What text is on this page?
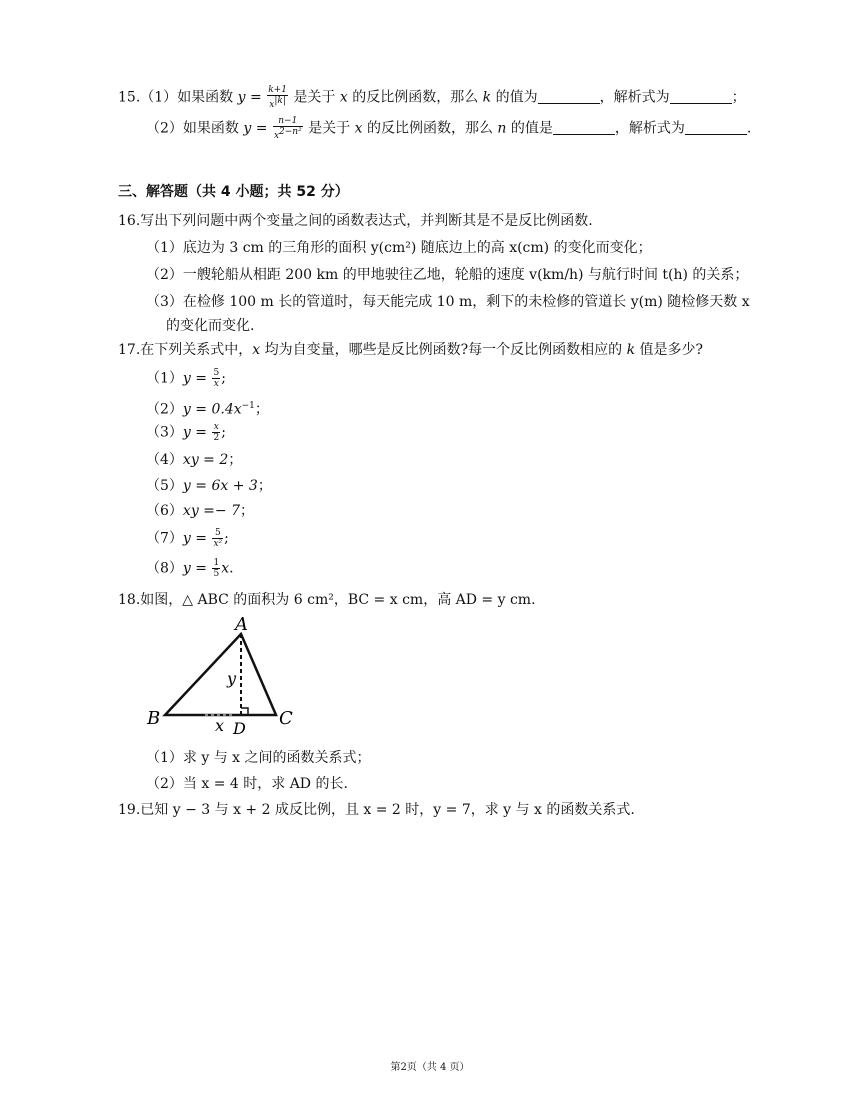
15.（1）如果函数 $y = \frac{k+1}{x^{|k|}}$ 是关于 x 的反比例函数，那么 k 的值为	，解析式为	；
（2）如果函数 $y = \frac{n-1}{x^{2-n^2}}$ 是关于 x 的反比例函数，那么 n 的值是	，解析式为	.
三、解答题（共 4 小题；共 52 分）
16.写出下列问题中两个变量之间的函数表达式，并判断其是不是反比例函数.
（1）底边为 3 cm 的三角形的面积 y(cm²) 随底边上的高 x(cm) 的变化而变化；
（2）一艘轮船从相距 200 km 的甲地驶往乙地，轮船的速度 v(km/h) 与航行时间 t(h) 的关系；
（3）在检修 100 m 长的管道时，每天能完成 10 m，剩下的未检修的管道长 y(m) 随检修天数 x
的变化而变化.
17.在下列关系式中，x 均为自变量，哪些是反比例函数?每一个反比例函数相应的 k 值是多少?
$(1)y = \frac{5}{x}$ ;
$(2)y = 0.4x^{-1}$；
$(3)y = \frac{x}{2}$ ;
（4）xy = 2；
（5）y = 6x + 3；
（6）xy =− 7；
$(7)y = \frac{5}{\text{x²}}$ ;
$(8)y = \frac{1}{5} x$.
18.如图，△ ABC 的面积为 6 cm²，BC = x cm，高 AD = y cm.
A
B	C
D
x
y
（1）求 y 与 x 之间的函数关系式；
（2）当 x = 4 时，求 AD 的长.
19.已知 y − 3 与 x + 2 成反比例，且 x = 2 时，y = 7，求 y 与 x 的函数关系式.
第2页（共 4 页）
